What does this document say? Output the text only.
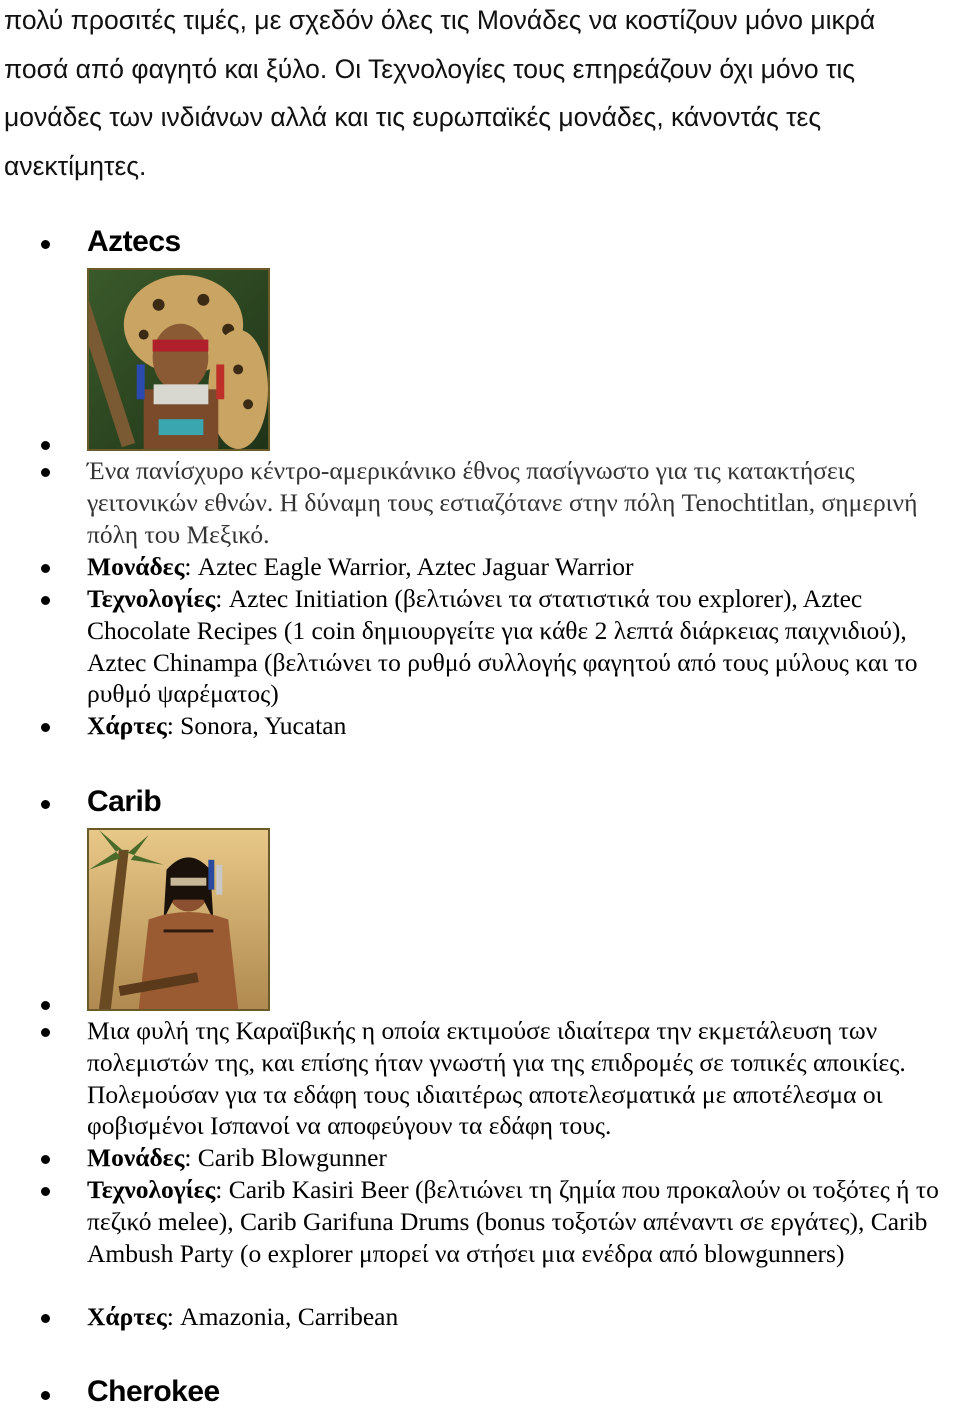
πολύ προσιτές τιμές, με σχεδόν όλες τις Μονάδες να κοστίζουν μόνο μικρά

ποσά από φαγητό και ξύλο. Οι Τεχνολογίες τους επηρεάζουν όχι μόνο τις

μονάδες των ινδιάνων αλλά και τις ευρωπαϊκές μονάδες, κάνοντάς τες

ανεκτίμητες.

Aztecs
Ένα πανίσχυρο κέντρο-αμερικάνικο έθνος πασίγνωστο για τις κατακτήσεις γειτονικών εθνών. Η δύναμη τους εστιαζότανε στην πόλη Tenochtitlan, σημερινή πόλη του Μεξικό.
Μονάδες: Aztec Eagle Warrior, Aztec Jaguar Warrior
Τεχνολογίες: Aztec Initiation (βελτιώνει τα στατιστικά του explorer), Aztec Chocolate Recipes (1 coin δημιουργείτε για κάθε 2 λεπτά διάρκειας παιχνιδιού), Aztec Chinampa (βελτιώνει το ρυθμό συλλογής φαγητού από τους μύλους και το ρυθμό ψαρέματος)
Χάρτες: Sonora, Yucatan
Carib
Μια φυλή της Καραϊβικής η οποία εκτιμούσε ιδιαίτερα την εκμετάλευση των πολεμιστών της, και επίσης ήταν γνωστή για της επιδρομές σε τοπικές αποικίες. Πολεμούσαν για τα εδάφη τους ιδιαιτέρως αποτελεσματικά με αποτέλεσμα οι φοβισμένοι Ισπανοί να αποφεύγουν τα εδάφη τους.
Μονάδες: Carib Blowgunner
Τεχνολογίες: Carib Kasiri Beer (βελτιώνει τη ζημία που προκαλούν οι τοξότες ή το πεζικό melee), Carib Garifuna Drums (bonus τοξοτών απέναντι σε εργάτες), Carib Ambush Party (ο explorer μπορεί να στήσει μια ενέδρα από blowgunners)
Χάρτες: Amazonia, Carribean
Cherokee
